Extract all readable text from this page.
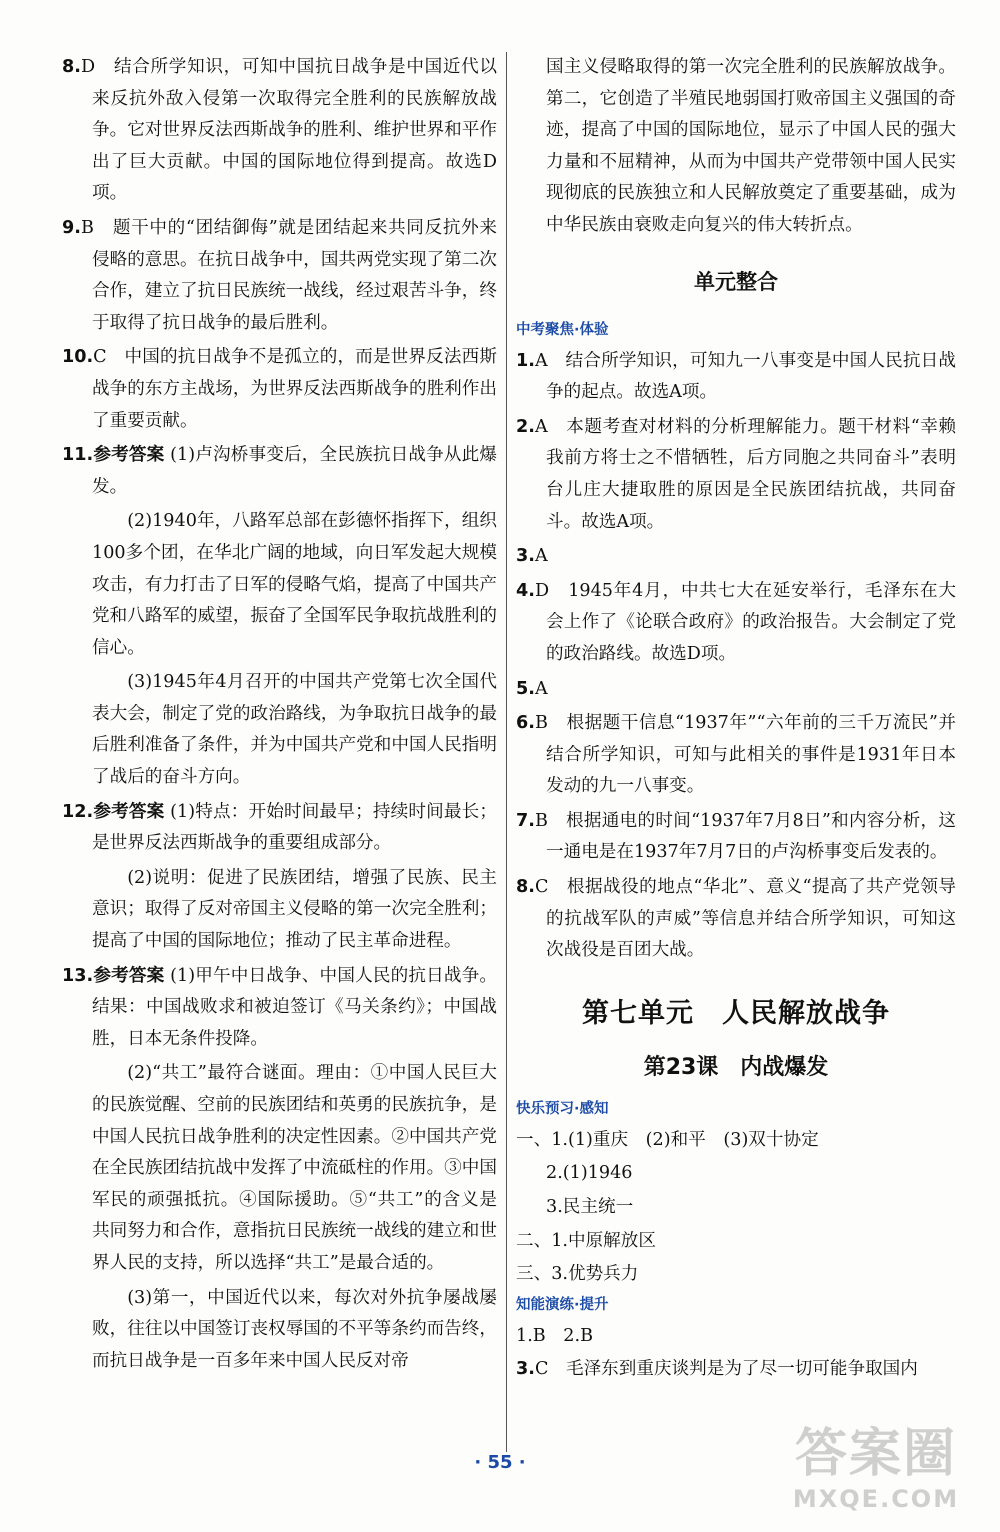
8.D　结合所学知识，可知中国抗日战争是中国近代以来反抗外敌入侵第一次取得完全胜利的民族解放战争。它对世界反法西斯战争的胜利、维护世界和平作出了巨大贡献。中国的国际地位得到提高。故选D项。

9.B　题干中的“团结御侮”就是团结起来共同反抗外来侵略的意思。在抗日战争中，国共两党实现了第二次合作，建立了抗日民族统一战线，经过艰苦斗争，终于取得了抗日战争的最后胜利。

10.C　中国的抗日战争不是孤立的，而是世界反法西斯战争的东方主战场，为世界反法西斯战争的胜利作出了重要贡献。

11.参考答案 (1)卢沟桥事变后，全民族抗日战争从此爆发。

(2)1940年，八路军总部在彭德怀指挥下，组织100多个团，在华北广阔的地域，向日军发起大规模攻击，有力打击了日军的侵略气焰，提高了中国共产党和八路军的威望，振奋了全国军民争取抗战胜利的信心。

(3)1945年4月召开的中国共产党第七次全国代表大会，制定了党的政治路线，为争取抗日战争的最后胜利准备了条件，并为中国共产党和中国人民指明了战后的奋斗方向。

12.参考答案 (1)特点：开始时间最早；持续时间最长；是世界反法西斯战争的重要组成部分。

(2)说明：促进了民族团结，增强了民族、民主意识；取得了反对帝国主义侵略的第一次完全胜利；提高了中国的国际地位；推动了民主革命进程。

13.参考答案 (1)甲午中日战争、中国人民的抗日战争。结果：中国战败求和被迫签订《马关条约》；中国战胜，日本无条件投降。

(2)“共工”最符合谜面。理由：①中国人民巨大的民族觉醒、空前的民族团结和英勇的民族抗争，是中国人民抗日战争胜利的决定性因素。②中国共产党在全民族团结抗战中发挥了中流砥柱的作用。③中国军民的顽强抵抗。④国际援助。⑤“共工”的含义是共同努力和合作，意指抗日民族统一战线的建立和世界人民的支持，所以选择“共工”是最合适的。

(3)第一，中国近代以来，每次对外抗争屡战屡败，往往以中国签订丧权辱国的不平等条约而告终，而抗日战争是一百多年来中国人民反对帝

国主义侵略取得的第一次完全胜利的民族解放战争。第二，它创造了半殖民地弱国打败帝国主义强国的奇迹，提高了中国的国际地位，显示了中国人民的强大力量和不屈精神，从而为中国共产党带领中国人民实现彻底的民族独立和人民解放奠定了重要基础，成为中华民族由衰败走向复兴的伟大转折点。

单元整合
中考聚焦·体验

1.A　结合所学知识，可知九一八事变是中国人民抗日战争的起点。故选A项。

2.A　本题考查对材料的分析理解能力。题干材料“幸赖我前方将士之不惜牺牲，后方同胞之共同奋斗”表明台儿庄大捷取胜的原因是全民族团结抗战，共同奋斗。故选A项。

3.A

4.D　1945年4月，中共七大在延安举行，毛泽东在大会上作了《论联合政府》的政治报告。大会制定了党的政治路线。故选D项。

5.A

6.B　根据题干信息“1937年”“六年前的三千万流民”并结合所学知识，可知与此相关的事件是1931年日本发动的九一八事变。

7.B　根据通电的时间“1937年7月8日”和内容分析，这一通电是在1937年7月7日的卢沟桥事变后发表的。

8.C　根据战役的地点“华北”、意义“提高了共产党领导的抗战军队的声威”等信息并结合所学知识，可知这次战役是百团大战。

第七单元　人民解放战争
第23课　内战爆发
快乐预习·感知

一、1.(1)重庆　(2)和平　(3)双十协定

2.(1)1946

3.民主统一

二、1.中原解放区

三、3.优势兵力

知能演练·提升

1.B　2.B

3.C　毛泽东到重庆谈判是为了尽一切可能争取国内

· 55 ·	答案圈
MXQE.COM
